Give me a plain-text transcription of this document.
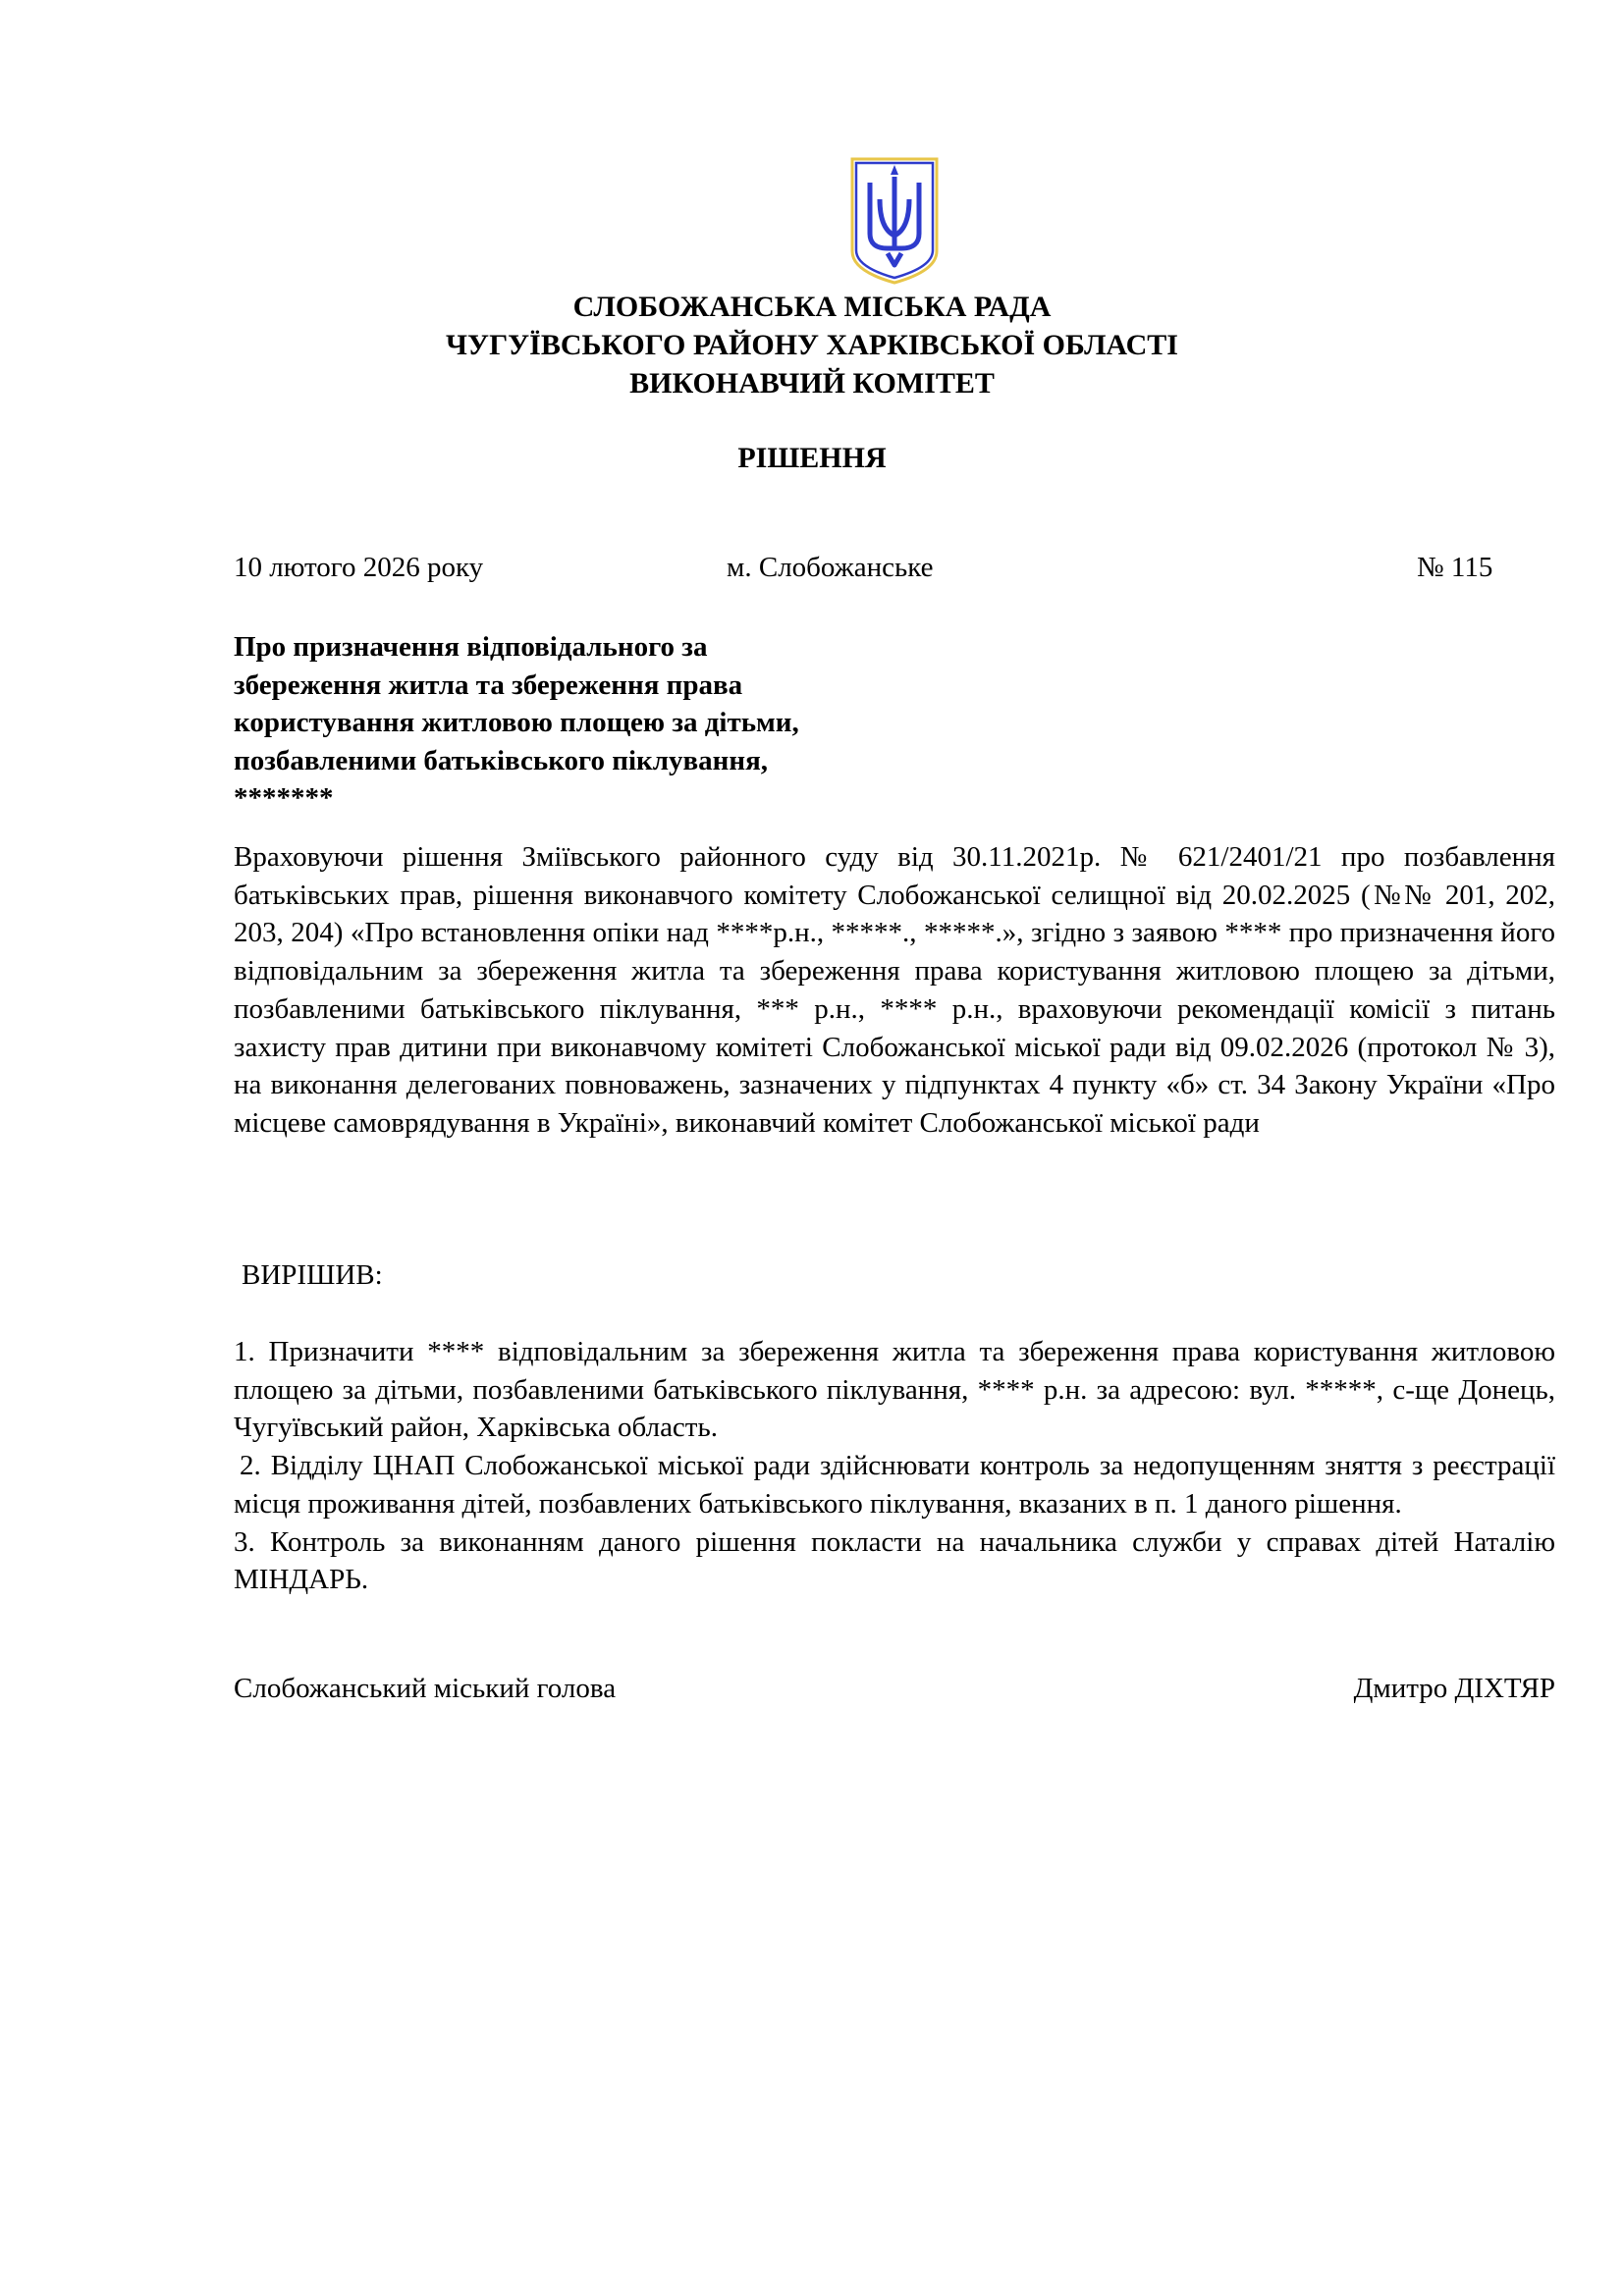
СЛОБОЖАНСЬКА МІСЬКА РАДА
ЧУГУЇВСЬКОГО РАЙОНУ ХАРКІВСЬКОЇ ОБЛАСТІ
ВИКОНАВЧИЙ КОМІТЕТ
РІШЕННЯ
10 лютого 2026 року	м. Слобожанське	№ 115
Про призначення відповідального за
збереження житла та збереження права
користування житловою площею за дітьми,
позбавленими батьківського піклування,
*******

Враховуючи рішення Зміївського районного суду від 30.11.2021р. № 621/2401/21 про позбавлення батьківських прав, рішення виконавчого комітету Слобожанської селищної від 20.02.2025 (№№ 201, 202, 203, 204) «Про встановлення опіки над ****р.н., *****., *****.», згідно з заявою **** про призначення його відповідальним за збереження житла та збереження права користування житловою площею за дітьми, позбавленими батьківського піклування, *** р.н., **** р.н., враховуючи рекомендації комісії з питань захисту прав дитини при виконавчому комітеті Слобожанської міської ради від 09.02.2026 (протокол № 3), на виконання делегованих повноважень, зазначених у підпунктах 4 пункту «б» ст. 34 Закону України «Про місцеве самоврядування в Україні», виконавчий комітет Слобожанської міської ради

ВИРІШИВ:

1. Призначити **** відповідальним за збереження житла та збереження права користування житловою площею за дітьми, позбавленими батьківського піклування, **** р.н. за адресою: вул. *****, с-ще Донець, Чугуївський район, Харківська область.

2. Відділу ЦНАП Слобожанської міської ради здійснювати контроль за недопущенням зняття з реєстрації місця проживання дітей, позбавлених батьківського піклування, вказаних в п. 1 даного рішення.

3. Контроль за виконанням даного рішення покласти на начальника служби у справах дітей Наталію МІНДАРЬ.

Слобожанський міський голова	Дмитро ДІХТЯР
